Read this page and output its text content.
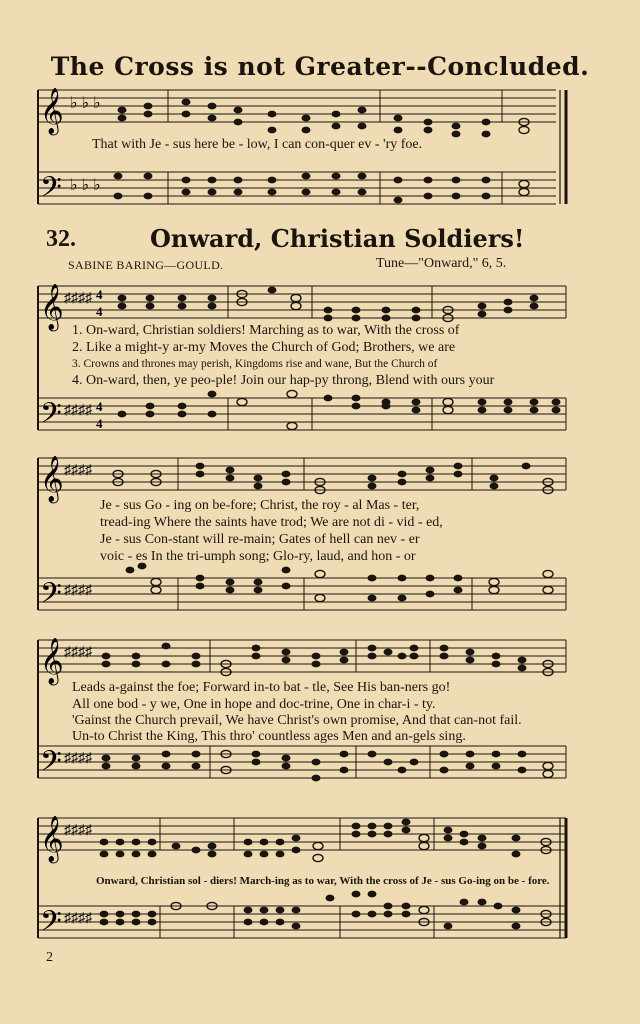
The Cross is not Greater--Concluded.
𝄞
𝄢
♭ ♭ ♭
♭ ♭ ♭
That with Je - sus here be - low, I can con-quer ev - 'ry foe.
32.	Onward, Christian Soldiers!
SABINE BARING—GOULD.	Tune—"Onward," 6, 5.
𝄞
𝄢
♯♯♯♯
♯♯♯♯
4
4
4
4
1. On-ward, Christian soldiers! Marching as to war, With the cross of
2. Like a might-y ar-my Moves the Church of God; Brothers, we are
3. Crowns and thrones may perish, Kingdoms rise and wane, But the Church of
4. On-ward, then, ye peo-ple! Join our hap-py throng, Blend with ours your
𝄞
𝄢
♯♯♯♯
♯♯♯♯
Je - sus Go - ing on be-fore; Christ, the roy - al Mas - ter,
tread-ing Where the saints have trod; We are not di - vid - ed,
Je - sus Con-stant will re-main; Gates of hell can nev - er
voic - es In the tri-umph song; Glo-ry, laud, and hon - or
𝄞
𝄢
♯♯♯♯
♯♯♯♯
Leads a-gainst the foe; Forward in-to bat - tle, See His ban-ners go!
All one bod - y we, One in hope and doc-trine, One in char-i - ty.
'Gainst the Church prevail, We have Christ's own promise, And that can-not fail.
Un-to Christ the King, This thro' countless ages Men and an-gels sing.
𝄞
𝄢
♯♯♯♯
♯♯♯♯
Onward, Christian sol - diers! March-ing as to war, With the cross of Je - sus Go-ing on be - fore.
2
